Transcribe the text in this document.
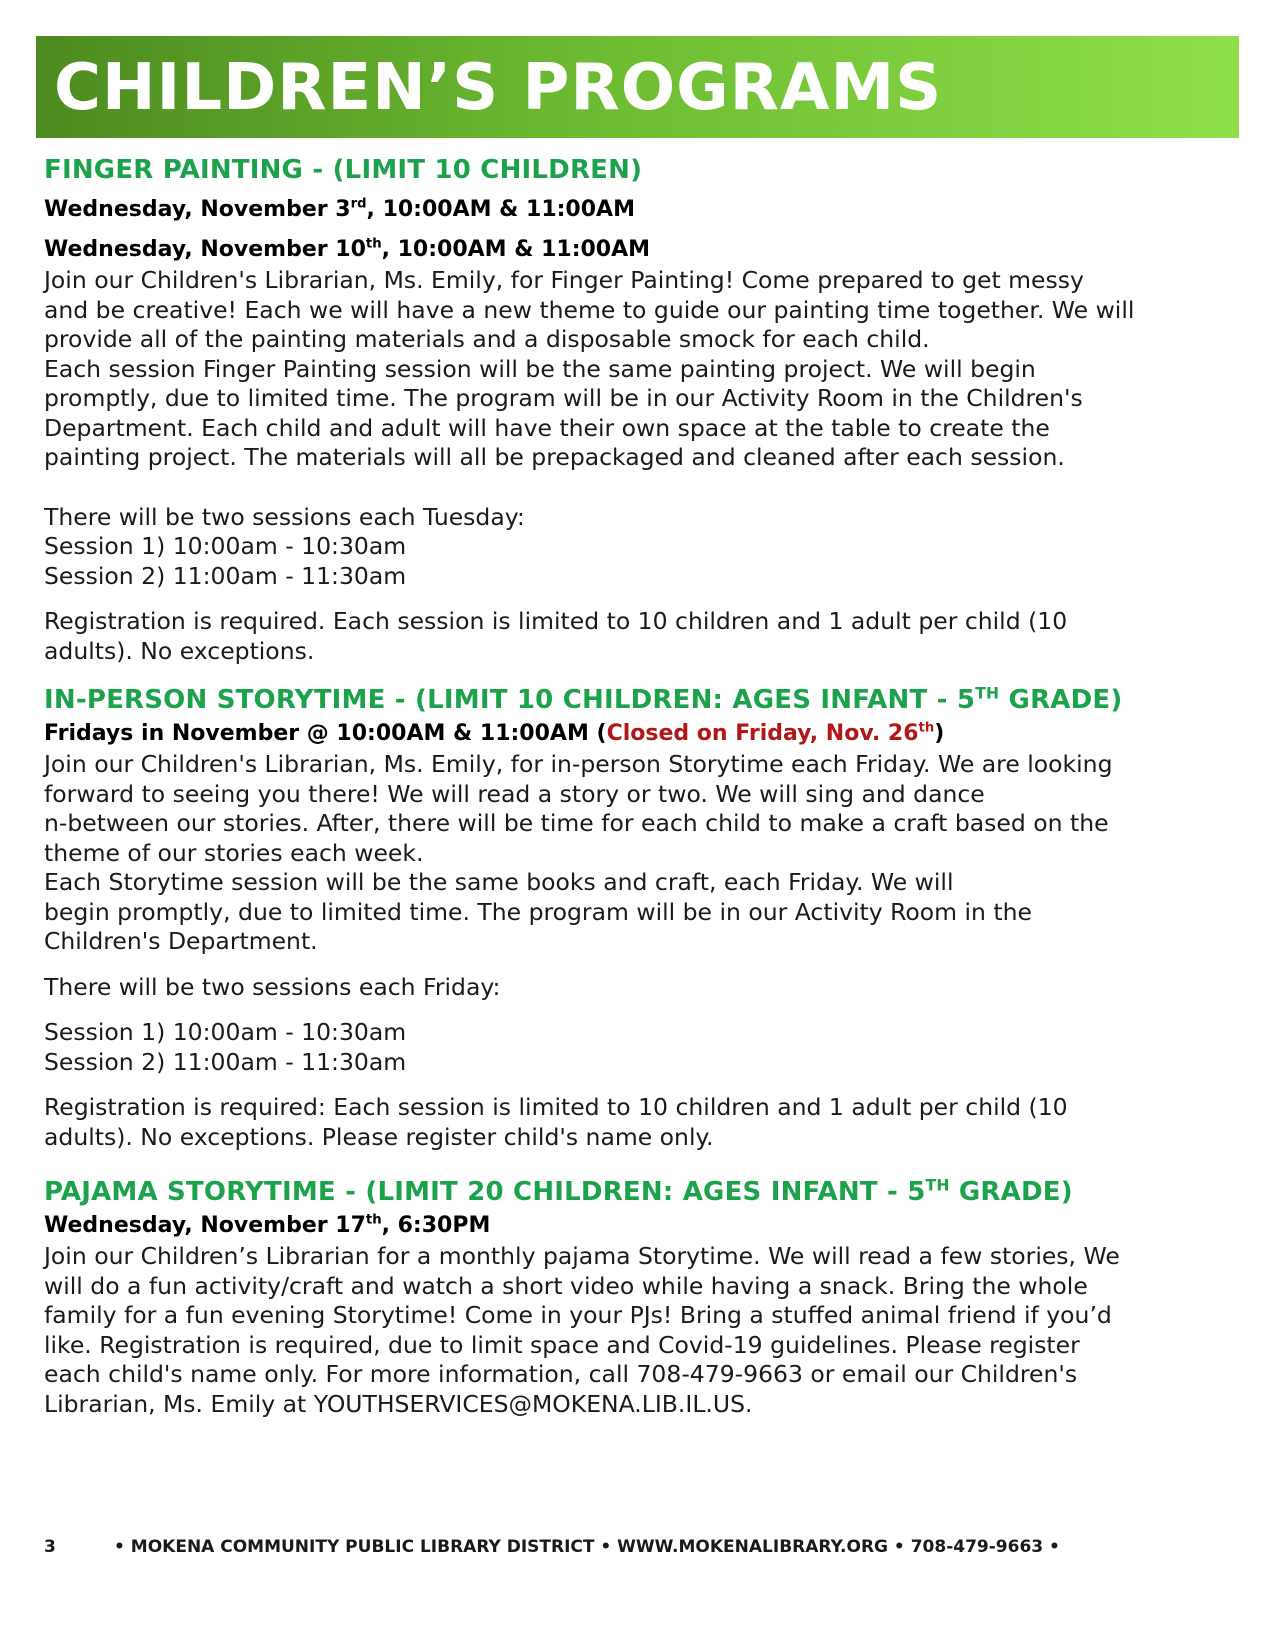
CHILDREN’S PROGRAMS
FINGER PAINTING - (LIMIT 10 CHILDREN)

Wednesday, November 3rd, 10:00AM & 11:00AM

Wednesday, November 10th, 10:00AM & 11:00AM

Join our Children's Librarian, Ms. Emily, for Finger Painting! Come prepared to get messy
and be creative! Each we will have a new theme to guide our painting time together. We will
provide all of the painting materials and a disposable smock for each child.
Each session Finger Painting session will be the same painting project. We will begin
promptly, due to limited time. The program will be in our Activity Room in the Children's
Department. Each child and adult will have their own space at the table to create the
painting project. The materials will all be prepackaged and cleaned after each session.

There will be two sessions each Tuesday:
Session 1) 10:00am - 10:30am
Session 2) 11:00am - 11:30am

Registration is required. Each session is limited to 10 children and 1 adult per child (10
adults). No exceptions.

IN-PERSON STORYTIME - (LIMIT 10 CHILDREN: AGES INFANT - 5TH GRADE)

Fridays in November @ 10:00AM & 11:00AM (Closed on Friday, Nov. 26th)

Join our Children's Librarian, Ms. Emily, for in-person Storytime each Friday. We are looking
forward to seeing you there! We will read a story or two. We will sing and dance
n-between our stories. After, there will be time for each child to make a craft based on the
theme of our stories each week.
Each Storytime session will be the same books and craft, each Friday. We will
begin promptly, due to limited time. The program will be in our Activity Room in the
Children's Department.

There will be two sessions each Friday:

Session 1) 10:00am - 10:30am
Session 2) 11:00am - 11:30am

Registration is required: Each session is limited to 10 children and 1 adult per child (10
adults). No exceptions. Please register child's name only.

PAJAMA STORYTIME - (LIMIT 20 CHILDREN: AGES INFANT - 5TH GRADE)

Wednesday, November 17th, 6:30PM

Join our Children’s Librarian for a monthly pajama Storytime. We will read a few stories, We
will do a fun activity/craft and watch a short video while having a snack. Bring the whole
family for a fun evening Storytime! Come in your PJs! Bring a stuffed animal friend if you’d
like. Registration is required, due to limit space and Covid-19 guidelines. Please register
each child's name only. For more information, call 708-479-9663 or email our Children's
Librarian, Ms. Emily at YOUTHSERVICES@MOKENA.LIB.IL.US.

3	• MOKENA COMMUNITY PUBLIC LIBRARY DISTRICT • WWW.MOKENALIBRARY.ORG • 708-479-9663 •
